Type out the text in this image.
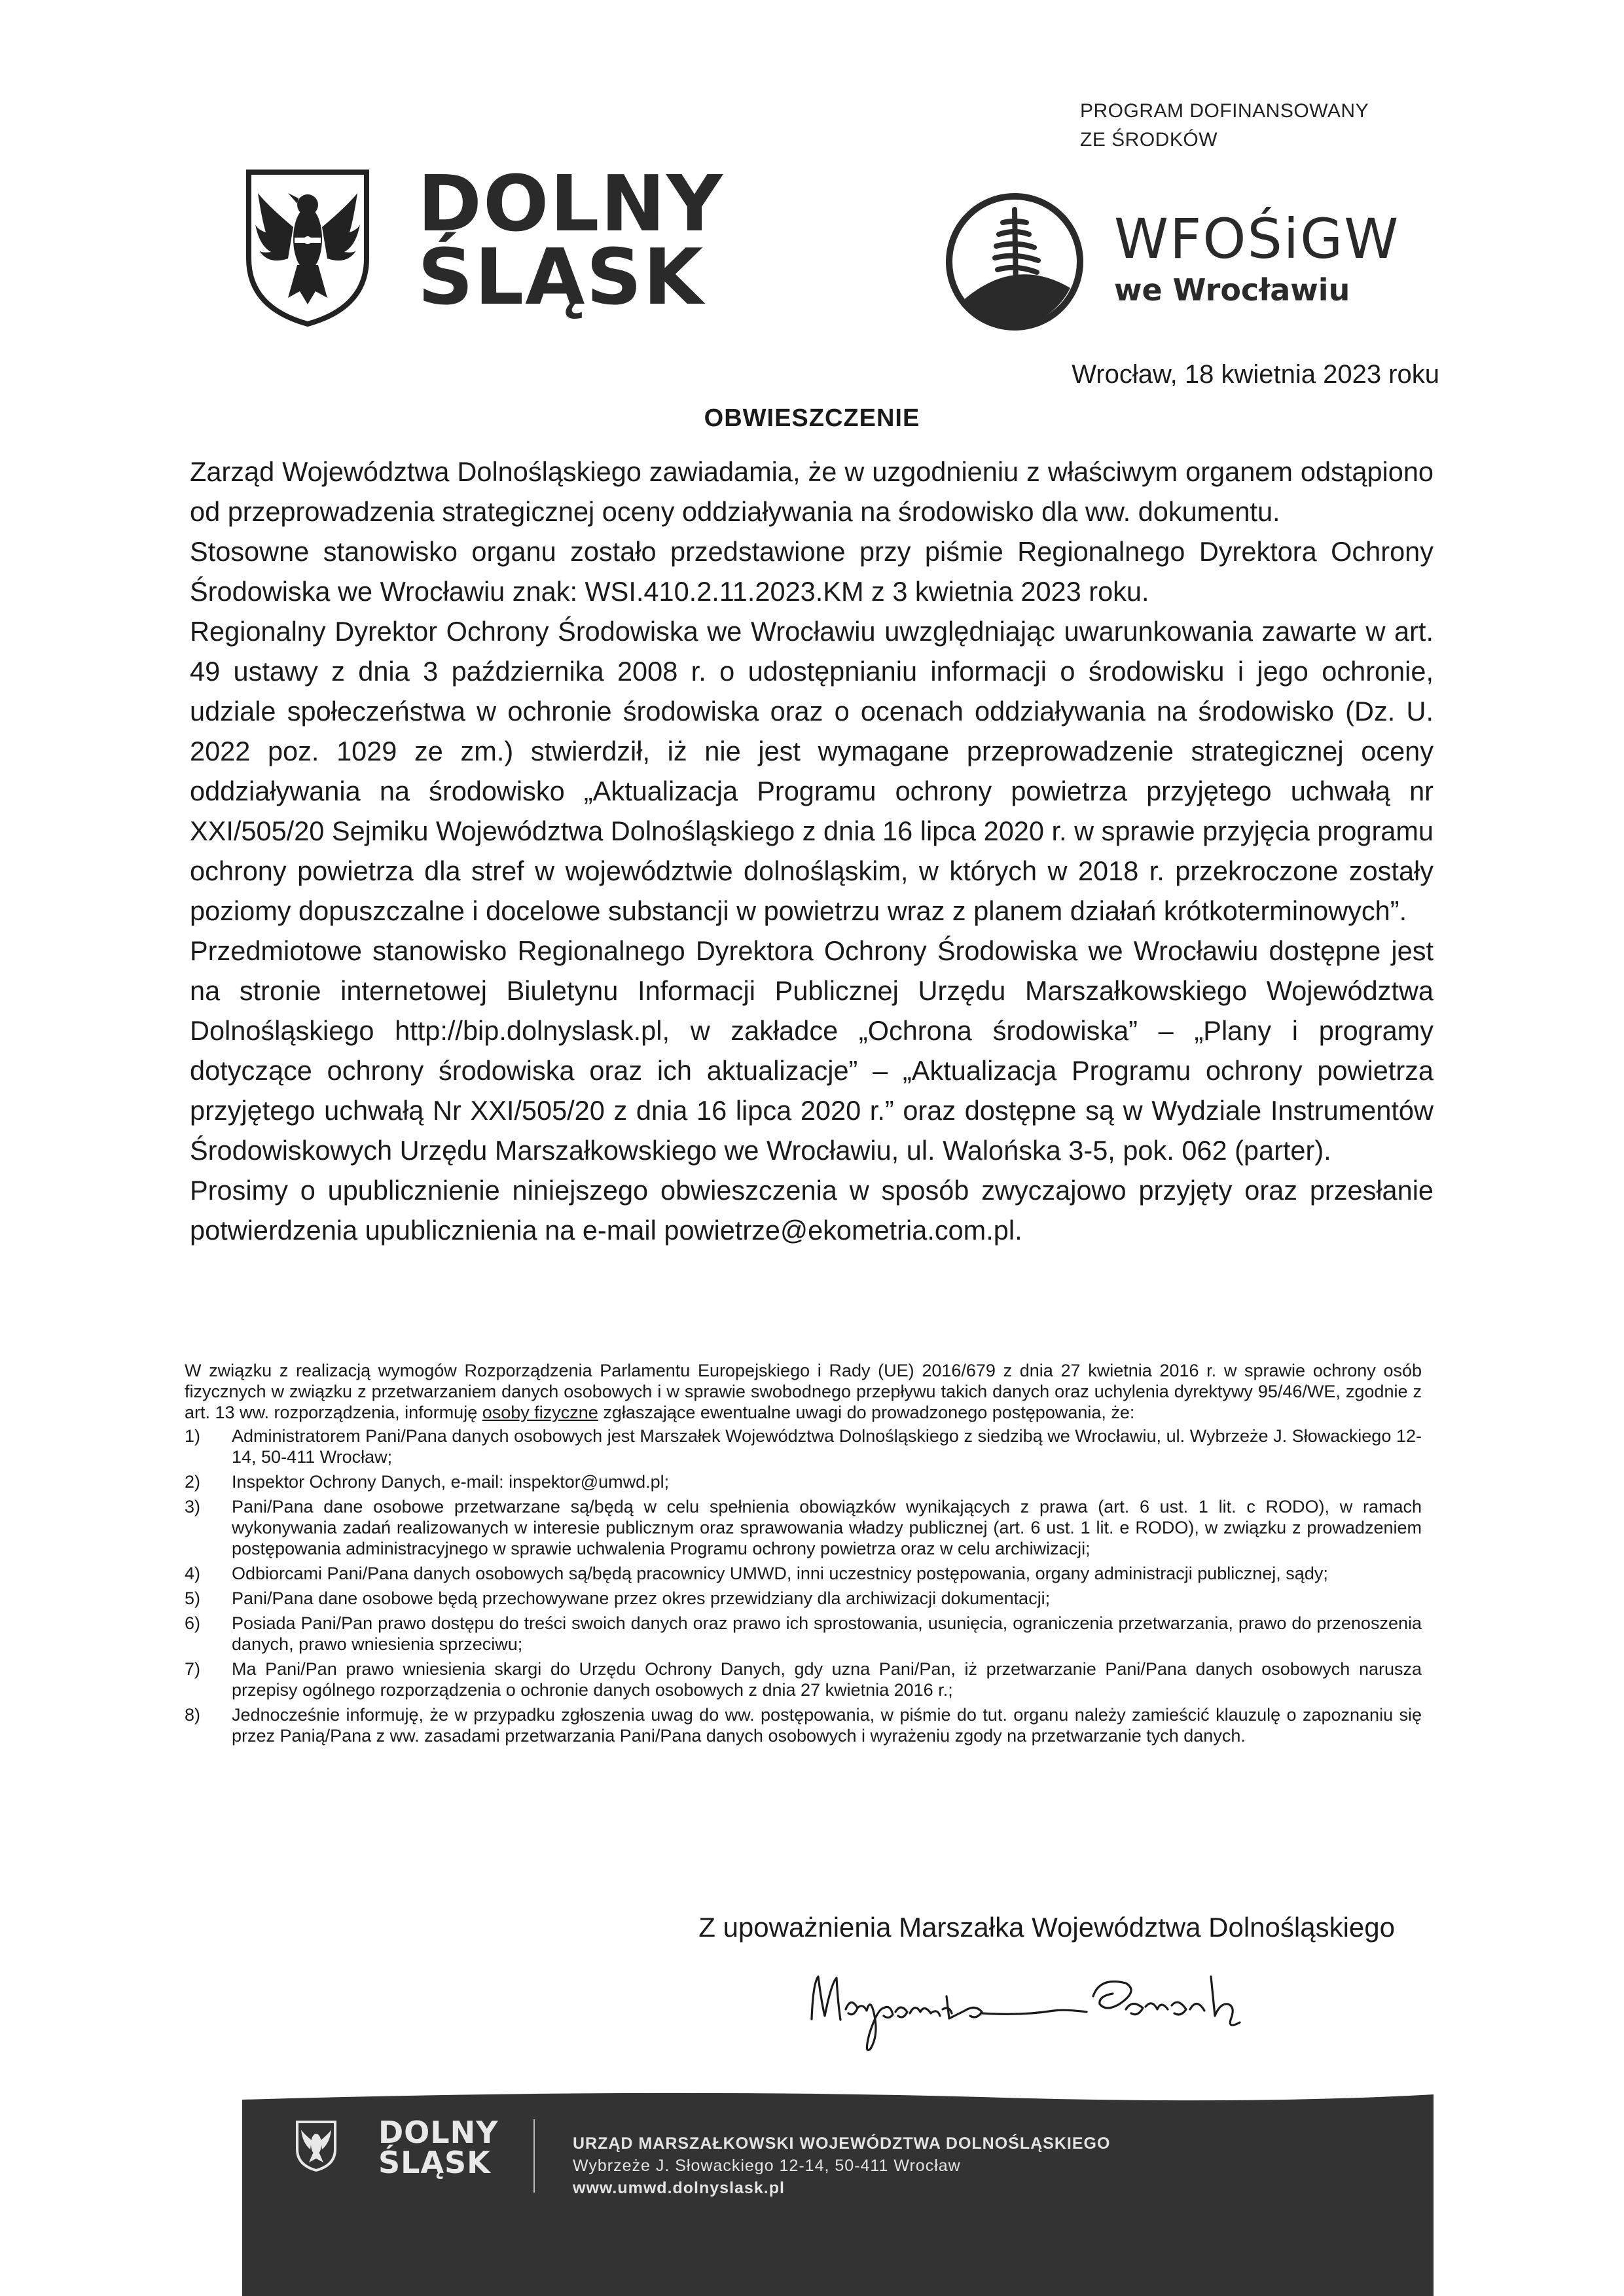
PROGRAM DOFINANSOWANY
ZE ŚRODKÓW
DOLNY
ŚLĄSK	WFOŚiGW
we Wrocławiu
Wrocław, 18 kwietnia 2023 roku
OBWIESZCZENIE

Zarząd Województwa Dolnośląskiego zawiadamia, że w uzgodnieniu z właściwym organem odstąpiono od przeprowadzenia strategicznej oceny oddziaływania na środowisko dla ww. dokumentu.

Stosowne stanowisko organu zostało przedstawione przy piśmie Regionalnego Dyrektora Ochrony Środowiska we Wrocławiu znak: WSI.410.2.11.2023.KM z 3 kwietnia 2023 roku.

Regionalny Dyrektor Ochrony Środowiska we Wrocławiu uwzględniając uwarunkowania zawarte w art. 49 ustawy z dnia 3 października 2008 r. o udostępnianiu informacji o środowisku i jego ochronie, udziale społeczeństwa w ochronie środowiska oraz o ocenach oddziaływania na środowisko (Dz. U. 2022 poz. 1029 ze zm.) stwierdził, iż nie jest wymagane przeprowadzenie strategicznej oceny oddziaływania na środowisko „Aktualizacja Programu ochrony powietrza przyjętego uchwałą nr XXI/505/20 Sejmiku Województwa Dolnośląskiego z dnia 16 lipca 2020 r. w sprawie przyjęcia programu ochrony powietrza dla stref w województwie dolnośląskim, w których w 2018 r. przekroczone zostały poziomy dopuszczalne i docelowe substancji w powietrzu wraz z planem działań krótkoterminowych”.

Przedmiotowe stanowisko Regionalnego Dyrektora Ochrony Środowiska we Wrocławiu dostępne jest na stronie internetowej Biuletynu Informacji Publicznej Urzędu Marszałkowskiego Województwa Dolnośląskiego http://bip.dolnyslask.pl, w zakładce „Ochrona środowiska” – „Plany i programy dotyczące ochrony środowiska oraz ich aktualizacje” – „Aktualizacja Programu ochrony powietrza przyjętego uchwałą Nr XXI/505/20 z dnia 16 lipca 2020 r.” oraz dostępne są w Wydziale Instrumentów Środowiskowych Urzędu Marszałkowskiego we Wrocławiu, ul. Walońska 3-5, pok. 062 (parter).

Prosimy o upublicznienie niniejszego obwieszczenia w sposób zwyczajowo przyjęty oraz przesłanie potwierdzenia upublicznienia na e-mail powietrze@ekometria.com.pl.

W związku z realizacją wymogów Rozporządzenia Parlamentu Europejskiego i Rady (UE) 2016/679 z dnia 27 kwietnia 2016 r. w sprawie ochrony osób fizycznych w związku z przetwarzaniem danych osobowych i w sprawie swobodnego przepływu takich danych oraz uchylenia dyrektywy 95/46/WE, zgodnie z art. 13 ww. rozporządzenia, informuję osoby fizyczne zgłaszające ewentualne uwagi do prowadzonego postępowania, że:

1) Administratorem Pani/Pana danych osobowych jest Marszałek Województwa Dolnośląskiego z siedzibą we Wrocławiu, ul. Wybrzeże J. Słowackiego 12-14, 50-411 Wrocław;
2) Inspektor Ochrony Danych, e-mail: inspektor@umwd.pl;
3) Pani/Pana dane osobowe przetwarzane są/będą w celu spełnienia obowiązków wynikających z prawa (art. 6 ust. 1 lit. c RODO), w ramach wykonywania zadań realizowanych w interesie publicznym oraz sprawowania władzy publicznej (art. 6 ust. 1 lit. e RODO), w związku z prowadzeniem postępowania administracyjnego w sprawie uchwalenia Programu ochrony powietrza oraz w celu archiwizacji;
4) Odbiorcami Pani/Pana danych osobowych są/będą pracownicy UMWD, inni uczestnicy postępowania, organy administracji publicznej, sądy;
5) Pani/Pana dane osobowe będą przechowywane przez okres przewidziany dla archiwizacji dokumentacji;
6) Posiada Pani/Pan prawo dostępu do treści swoich danych oraz prawo ich sprostowania, usunięcia, ograniczenia przetwarzania, prawo do przenoszenia danych, prawo wniesienia sprzeciwu;
7) Ma Pani/Pan prawo wniesienia skargi do Urzędu Ochrony Danych, gdy uzna Pani/Pan, iż przetwarzanie Pani/Pana danych osobowych narusza przepisy ogólnego rozporządzenia o ochronie danych osobowych z dnia 27 kwietnia 2016 r.;
8) Jednocześnie informuję, że w przypadku zgłoszenia uwag do ww. postępowania, w piśmie do tut. organu należy zamieścić klauzulę o zapoznaniu się przez Panią/Pana z ww. zasadami przetwarzania Pani/Pana danych osobowych i wyrażeniu zgody na przetwarzanie tych danych.
Z upoważnienia Marszałka Województwa Dolnośląskiego
DOLNY
ŚLĄSK
URZĄD MARSZAŁKOWSKI WOJEWÓDZTWA DOLNOŚLĄSKIEGO
Wybrzeże J. Słowackiego 12-14, 50-411 Wrocław
www.umwd.dolnyslask.pl
